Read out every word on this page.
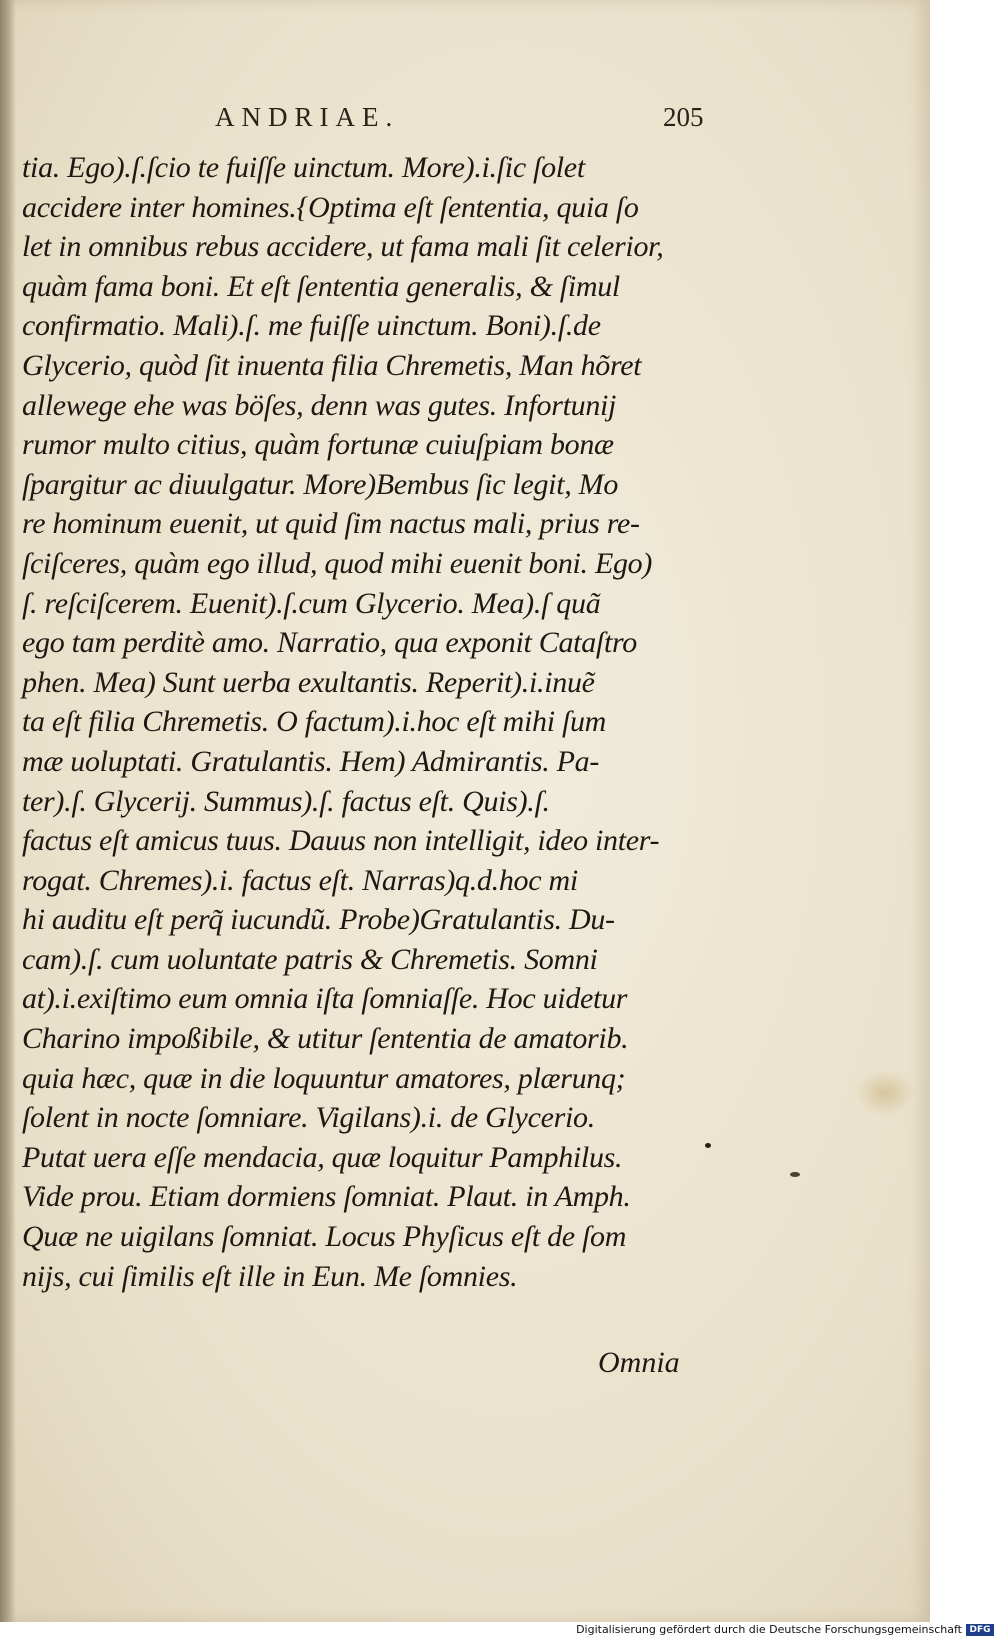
ANDRIAE.	205
tia. Ego).ſ.ſcio te fuiſſe uinctum. More).i.ſic ſolet
accidere inter homines.{Optima eſt ſententia, quia ſo
let in omnibus rebus accidere, ut fama mali ſit celerior,
quàm fama boni. Et eſt ſententia generalis, & ſimul
confirmatio. Mali).ſ. me fuiſſe uinctum. Boni).ſ.de
Glycerio, quòd ſit inuenta filia Chremetis, Man hõret
allewege ehe was böſes, denn was gutes. Infortunij
rumor multo citius, quàm fortunæ cuiuſpiam bonæ
ſpargitur ac diuulgatur. More)Bembus ſic legit, Mo
re hominum euenit, ut quid ſim nactus mali, prius re-
ſciſceres, quàm ego illud, quod mihi euenit boni. Ego)
ſ. reſciſcerem. Euenit).ſ.cum Glycerio. Mea).ſ quã
ego tam perditè amo. Narratio, qua exponit Cataſtro
phen. Mea) Sunt uerba exultantis. Reperit).i.inuẽ
ta eſt filia Chremetis. O factum).i.hoc eſt mihi ſum
mæ uoluptati. Gratulantis. Hem) Admirantis. Pa-
ter).ſ. Glycerij. Summus).ſ. factus eſt. Quis).ſ.
factus eſt amicus tuus. Dauus non intelligit, ideo inter-
rogat. Chremes).i. factus eſt. Narras)q.d.hoc mi
hi auditu eſt perq̃ iucundũ. Probe)Gratulantis. Du-
cam).ſ. cum uoluntate patris & Chremetis. Somni
at).i.exiſtimo eum omnia iſta ſomniaſſe. Hoc uidetur
Charino impoßibile, & utitur ſententia de amatorib.
quia hæc, quæ in die loquuntur amatores, plærunq;
ſolent in nocte ſomniare. Vigilans).i. de Glycerio.
Putat uera eſſe mendacia, quæ loquitur Pamphilus.
Vide prou. Etiam dormiens ſomniat. Plaut. in Amph.
Quæ ne uigilans ſomniat. Locus Phyſicus eſt de ſom
nijs, cui ſimilis eſt ille in Eun. Me ſomnies.
Omnia
Digitalisierung gefördert durch die Deutsche Forschungsgemeinschaft DFG
